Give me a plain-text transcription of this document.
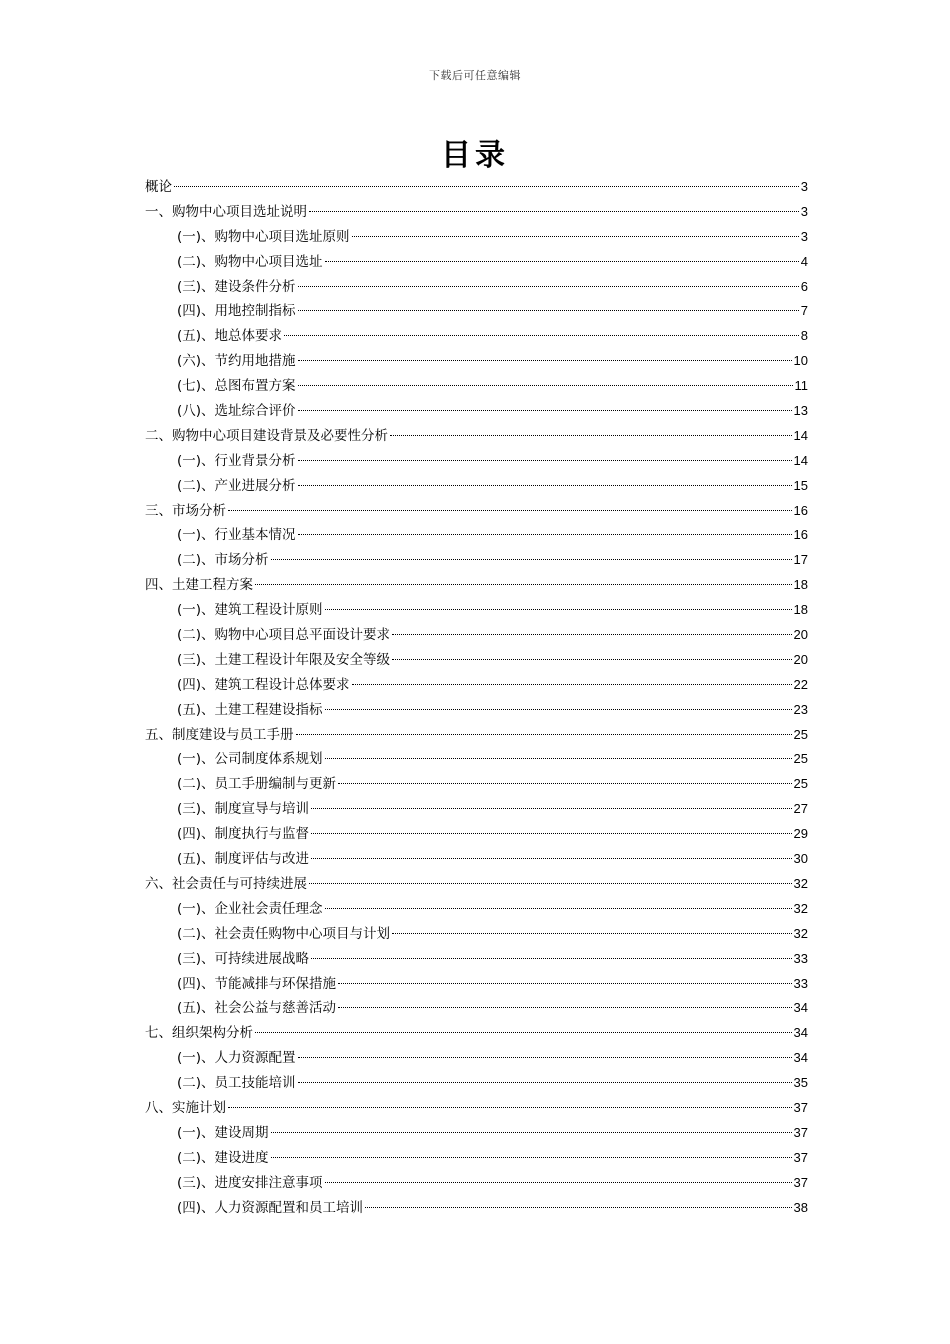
下载后可任意编辑
目录
概论	3
一、购物中心项目选址说明	3
(一)、购物中心项目选址原则	3
(二)、购物中心项目选址	4
(三)、建设条件分析	6
(四)、用地控制指标	7
(五)、地总体要求	8
(六)、节约用地措施	10
(七)、总图布置方案	11
(八)、选址综合评价	13
二、购物中心项目建设背景及必要性分析	14
(一)、行业背景分析	14
(二)、产业进展分析	15
三、市场分析	16
(一)、行业基本情况	16
(二)、市场分析	17
四、土建工程方案	18
(一)、建筑工程设计原则	18
(二)、购物中心项目总平面设计要求	20
(三)、土建工程设计年限及安全等级	20
(四)、建筑工程设计总体要求	22
(五)、土建工程建设指标	23
五、制度建设与员工手册	25
(一)、公司制度体系规划	25
(二)、员工手册编制与更新	25
(三)、制度宣导与培训	27
(四)、制度执行与监督	29
(五)、制度评估与改进	30
六、社会责任与可持续进展	32
(一)、企业社会责任理念	32
(二)、社会责任购物中心项目与计划	32
(三)、可持续进展战略	33
(四)、节能减排与环保措施	33
(五)、社会公益与慈善活动	34
七、组织架构分析	34
(一)、人力资源配置	34
(二)、员工技能培训	35
八、实施计划	37
(一)、建设周期	37
(二)、建设进度	37
(三)、进度安排注意事项	37
(四)、人力资源配置和员工培训	38
